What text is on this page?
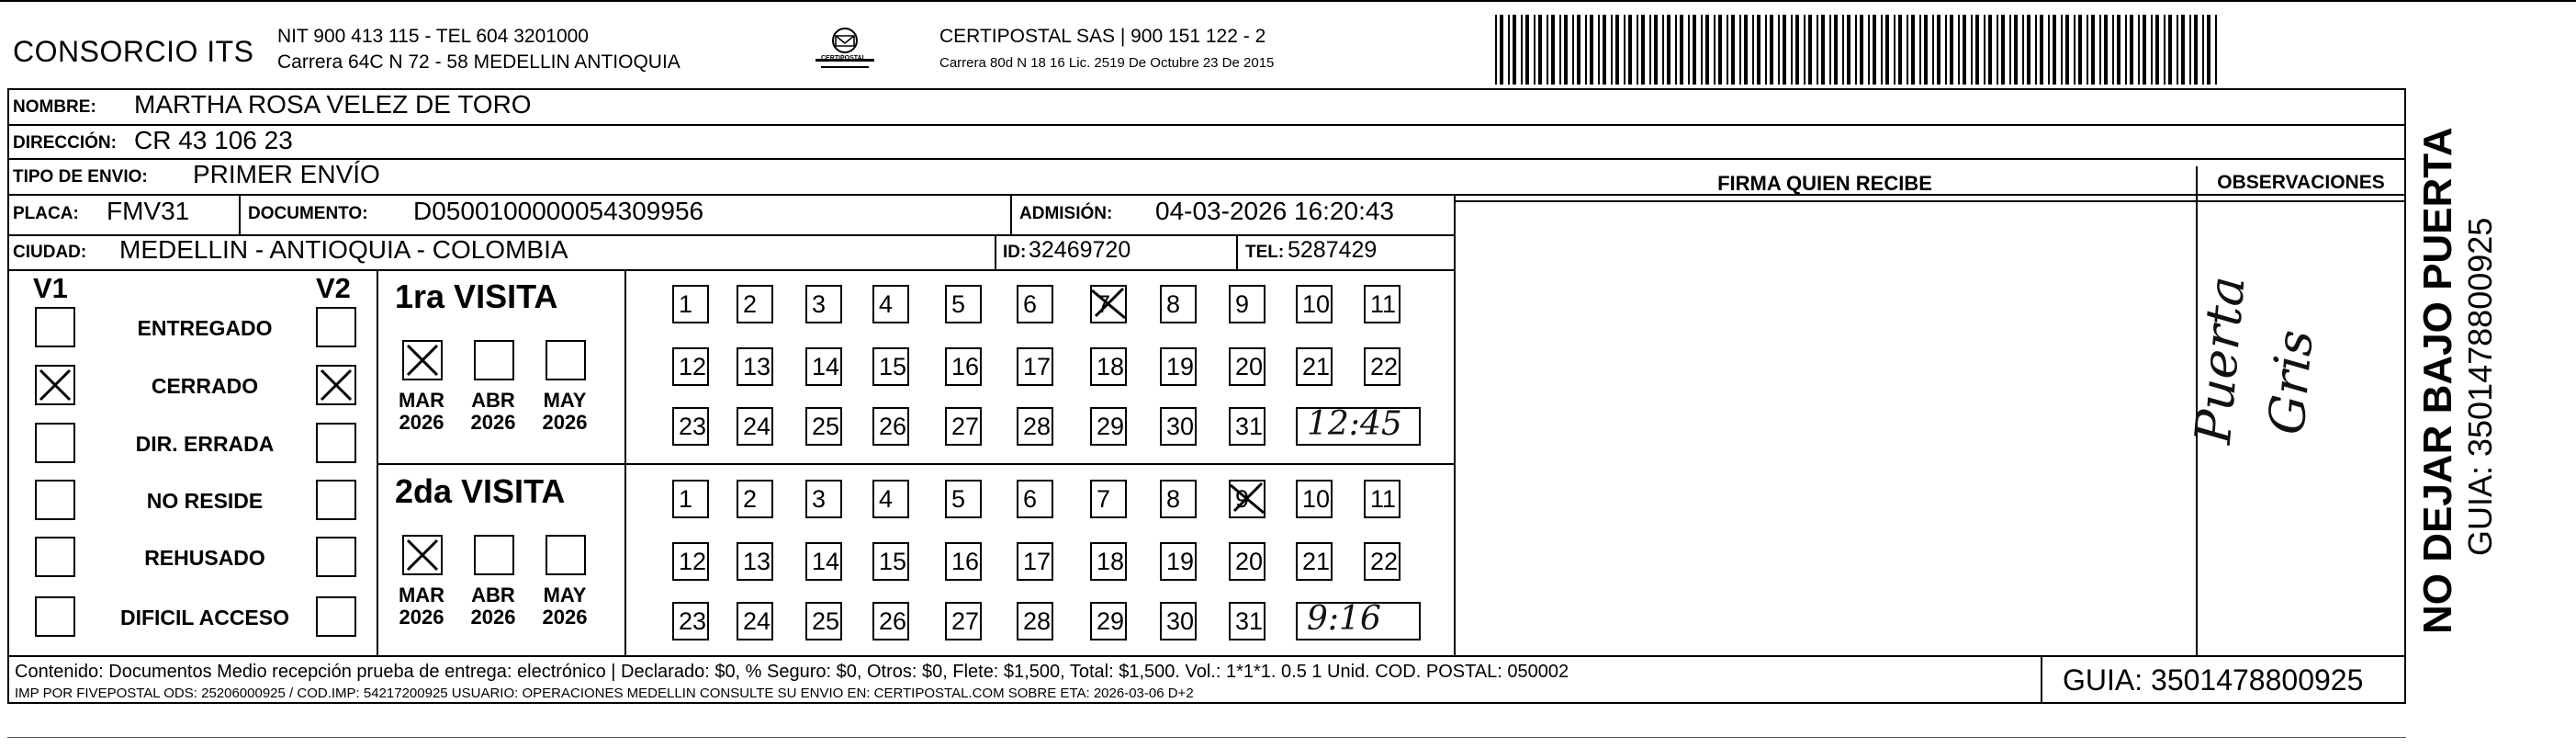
CONSORCIO ITS NIT 900 413 115 - TEL 604 3201000
Carrera 64C N 72 - 58 MEDELLIN ANTIOQUIA	CERTIPOSTAL
CERTIPOSTAL SAS | 900 151 122 - 2
Carrera 80d N 18 16 Lic. 2519 De Octubre 23 De 2015
NOMBRE: MARTHA ROSA VELEZ DE TORO
DIRECCIÓN: CR 43 106 23
TIPO DE ENVIO: PRIMER ENVÍO
PLACA: FMV31	DOCUMENTO: D0500100000054309956	ADMISIÓN: 04-03-2026 16:20:43
CIUDAD: MEDELLIN - ANTIOQUIA - COLOMBIA	ID: 32469720	TEL: 5287429
FIRMA QUIEN RECIBE	OBSERVACIONES
Puerta Gris NO DEJAR BAJO PUERTA GUIA: 3501478800925
V1	V2
ENTREGADO
CERRADO
DIR. ERRADA
NO RESIDE
REHUSADO
DIFICIL ACCESO
1ra VISITA
MAR
2026
ABR
2026
MAY
2026
1	2	3	4	5	6	7	8	9	10 11
12 13 14 15 16 17 18 19 20 21 22
23 24 25 26 27 28 29 30 31 12:45
2da VISITA
MAR
2026
ABR
2026
MAY
2026
1	2	3	4	5	6	7	8	9	10 11
12 13 14 15 16 17 18 19 20 21 22
23 24 25 26 27 28 29 30 31 9:16
Contenido: Documentos Medio recepción prueba de entrega: electrónico | Declarado: $0, % Seguro: $0, Otros: $0, Flete: $1,500, Total: $1,500. Vol.: 1*1*1. 0.5 1 Unid. COD. POSTAL: 050002
IMP POR FIVEPOSTAL ODS: 25206000925 / COD.IMP: 54217200925 USUARIO: OPERACIONES MEDELLIN CONSULTE SU ENVIO EN: CERTIPOSTAL.COM SOBRE ETA: 2026-03-06 D+2	GUIA: 3501478800925
